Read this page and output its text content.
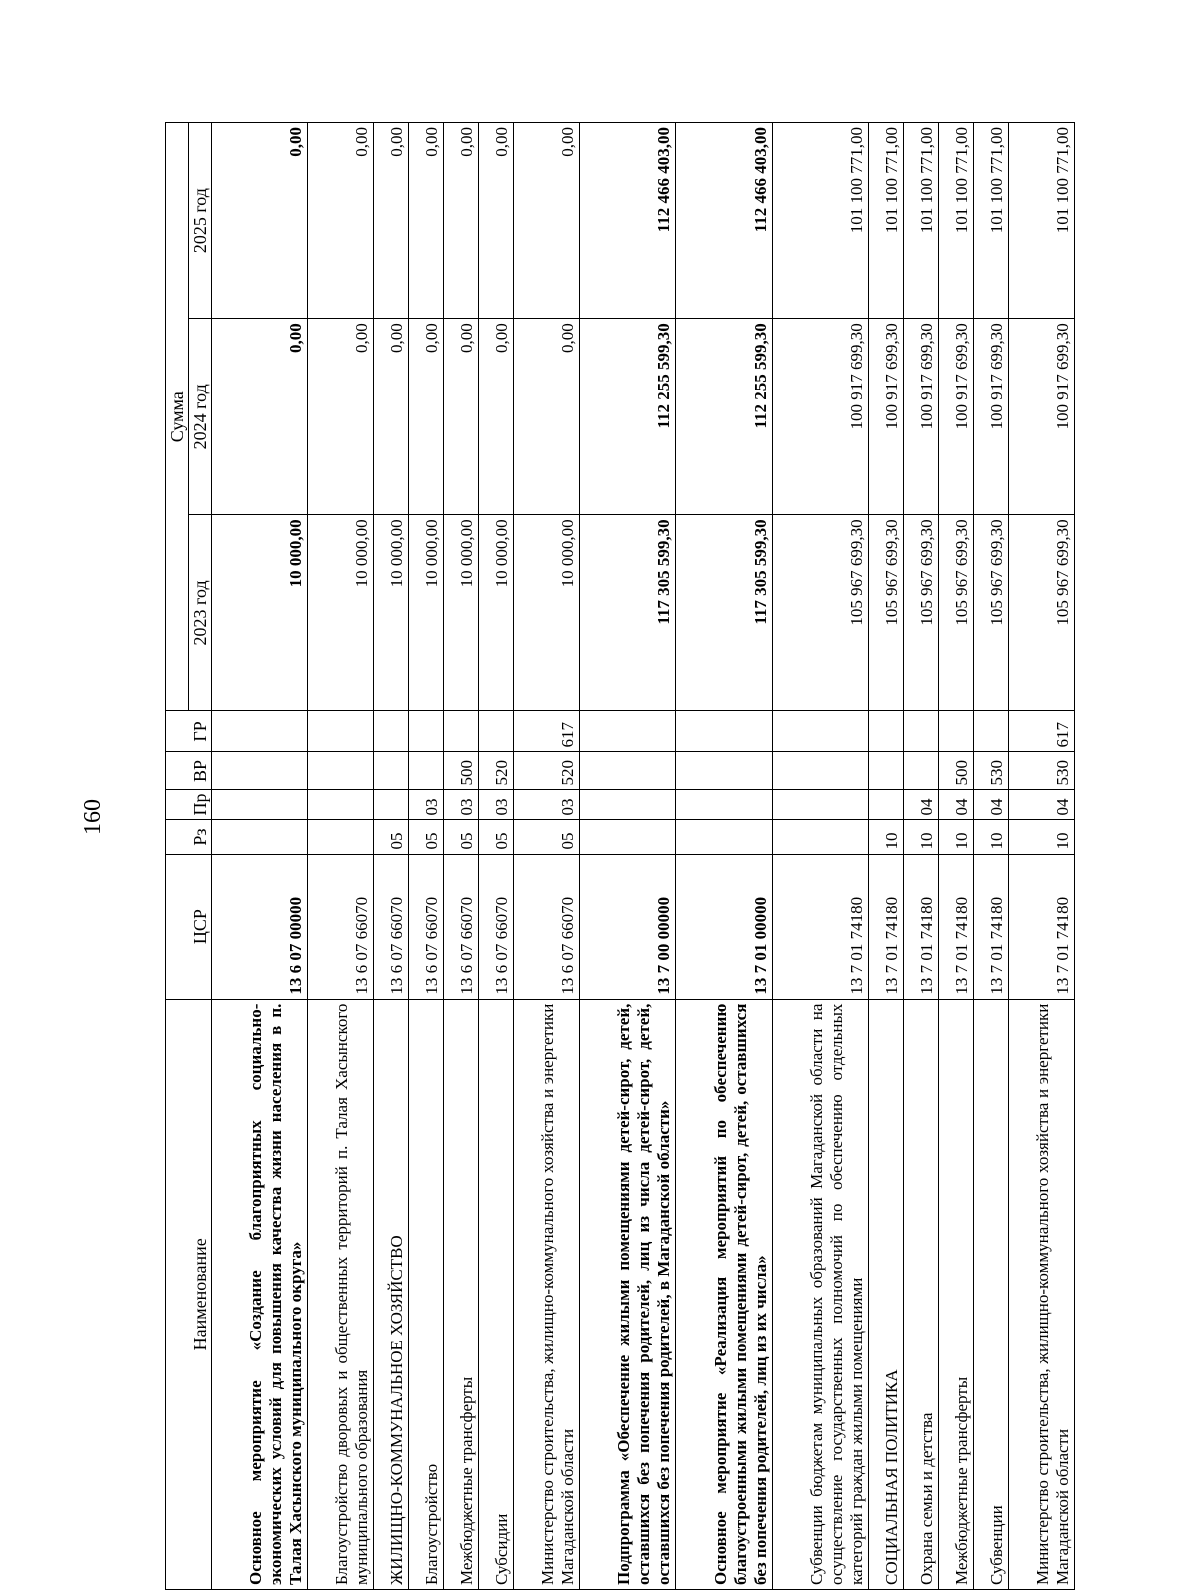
160
Наименование	ЦСР	Рз	Пр	ВР	ГР	Сумма		
						2023 год	2024 год	2025 год
Основное мероприятие «Создание благоприятных социально-экономических условий для повышения качества жизни населения в п. Талая Хасынского муниципального округа»	13 6 07 00000					10 000,00	0,00	0,00
Благоустройство дворовых и общественных территорий п. Талая Хасынского муниципального образования	13 6 07 66070					10 000,00	0,00	0,00
ЖИЛИЩНО-КОММУНАЛЬНОЕ ХОЗЯЙСТВО	13 6 07 66070	05				10 000,00	0,00	0,00
Благоустройство	13 6 07 66070	05	03			10 000,00	0,00	0,00
Межбюджетные трансферты	13 6 07 66070	05	03	500		10 000,00	0,00	0,00
Субсидии	13 6 07 66070	05	03	520		10 000,00	0,00	0,00
Министерство строительства, жилищно-коммунального хозяйства и энергетики Магаданской области	13 6 07 66070	05	03	520	617	10 000,00	0,00	0,00
Подпрограмма «Обеспечение жилыми помещениями детей-сирот, детей, оставшихся без попечения родителей, лиц из числа детей-сирот, детей, оставшихся без попечения родителей, в Магаданской области»	13 7 00 00000					117 305 599,30	112 255 599,30	112 466 403,00
Основное мероприятие «Реализация мероприятий по обеспечению благоустроенными жилыми помещениями детей-сирот, детей, оставшихся без попечения родителей, лиц из их числа»	13 7 01 00000					117 305 599,30	112 255 599,30	112 466 403,00
Субвенции бюджетам муниципальных образований Магаданской области на осуществление государственных полномочий по обеспечению отдельных категорий граждан жилыми помещениями	13 7 01 74180					105 967 699,30	100 917 699,30	101 100 771,00
СОЦИАЛЬНАЯ ПОЛИТИКА	13 7 01 74180	10				105 967 699,30	100 917 699,30	101 100 771,00
Охрана семьи и детства	13 7 01 74180	10	04			105 967 699,30	100 917 699,30	101 100 771,00
Межбюджетные трансферты	13 7 01 74180	10	04	500		105 967 699,30	100 917 699,30	101 100 771,00
Субвенции	13 7 01 74180	10	04	530		105 967 699,30	100 917 699,30	101 100 771,00
Министерство строительства, жилищно-коммунального хозяйства и энергетики Магаданской области	13 7 01 74180	10	04	530	617	105 967 699,30	100 917 699,30	101 100 771,00
